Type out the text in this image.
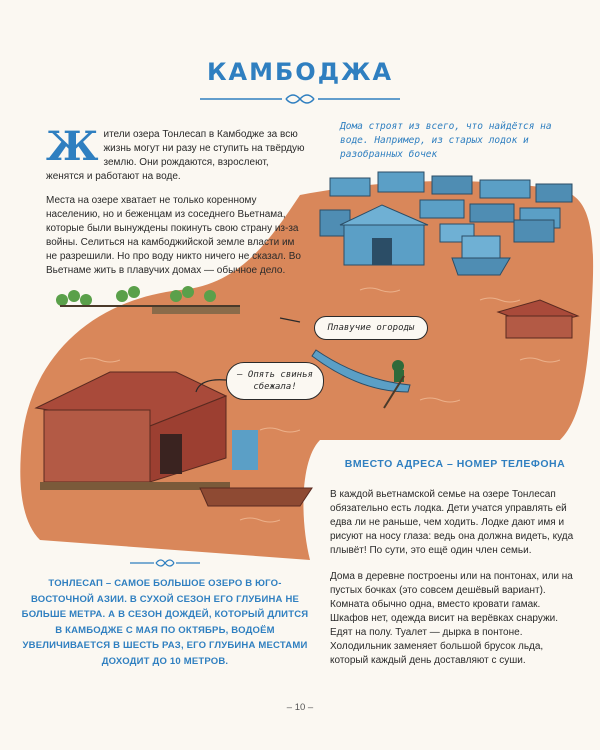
КАМБОДЖА

Жители озера Тонлесап в Камбодже за всю жизнь могут ни разу не ступить на твёрдую землю. Они рождаются, взрослеют, женятся и работают на воде.

Места на озере хватает не только коренному населению, но и беженцам из соседнего Вьетнама, которые были вынуждены покинуть свою страну из-за войны. Селиться на камбоджийской земле власти им не разрешили. Но про воду никто ничего не сказал. Во Вьетнаме жить в плавучих домах — обычное дело.

Дома строят из всего, что найдётся на воде. Например, из старых лодок и разобранных бочек
Плавучие огороды
– Опять свинья сбежала!
ВМЕСТО АДРЕСА – НОМЕР ТЕЛЕФОНА

В каждой вьетнамской семье на озере Тонлесап обязательно есть лодка. Дети учатся управлять ей едва ли не раньше, чем ходить. Лодке дают имя и рисуют на носу глаза: ведь она должна видеть, куда плывёт! По сути, это ещё один член семьи.

Дома в деревне построены или на понтонах, или на пустых бочках (это совсем дешёвый вариант). Комната обычно одна, вместо кровати гамак. Шкафов нет, одежда висит на верёвках снаружи. Едят на полу. Туалет — дырка в понтоне. Холодильник заменяет большой брусок льда, который каждый день доставляют с суши.

ТОНЛЕСАП – САМОЕ БОЛЬШОЕ ОЗЕРО В ЮГО-ВОСТОЧНОЙ АЗИИ. В СУХОЙ СЕЗОН ЕГО ГЛУБИНА НЕ БОЛЬШЕ МЕТРА. А В СЕЗОН ДОЖДЕЙ, КОТОРЫЙ ДЛИТСЯ В КАМБОДЖЕ С МАЯ ПО ОКТЯБРЬ, ВОДОЁМ УВЕЛИЧИВАЕТСЯ В ШЕСТЬ РАЗ, ЕГО ГЛУБИНА МЕСТАМИ ДОХОДИТ ДО 10 МЕТРОВ.
– 10 –
